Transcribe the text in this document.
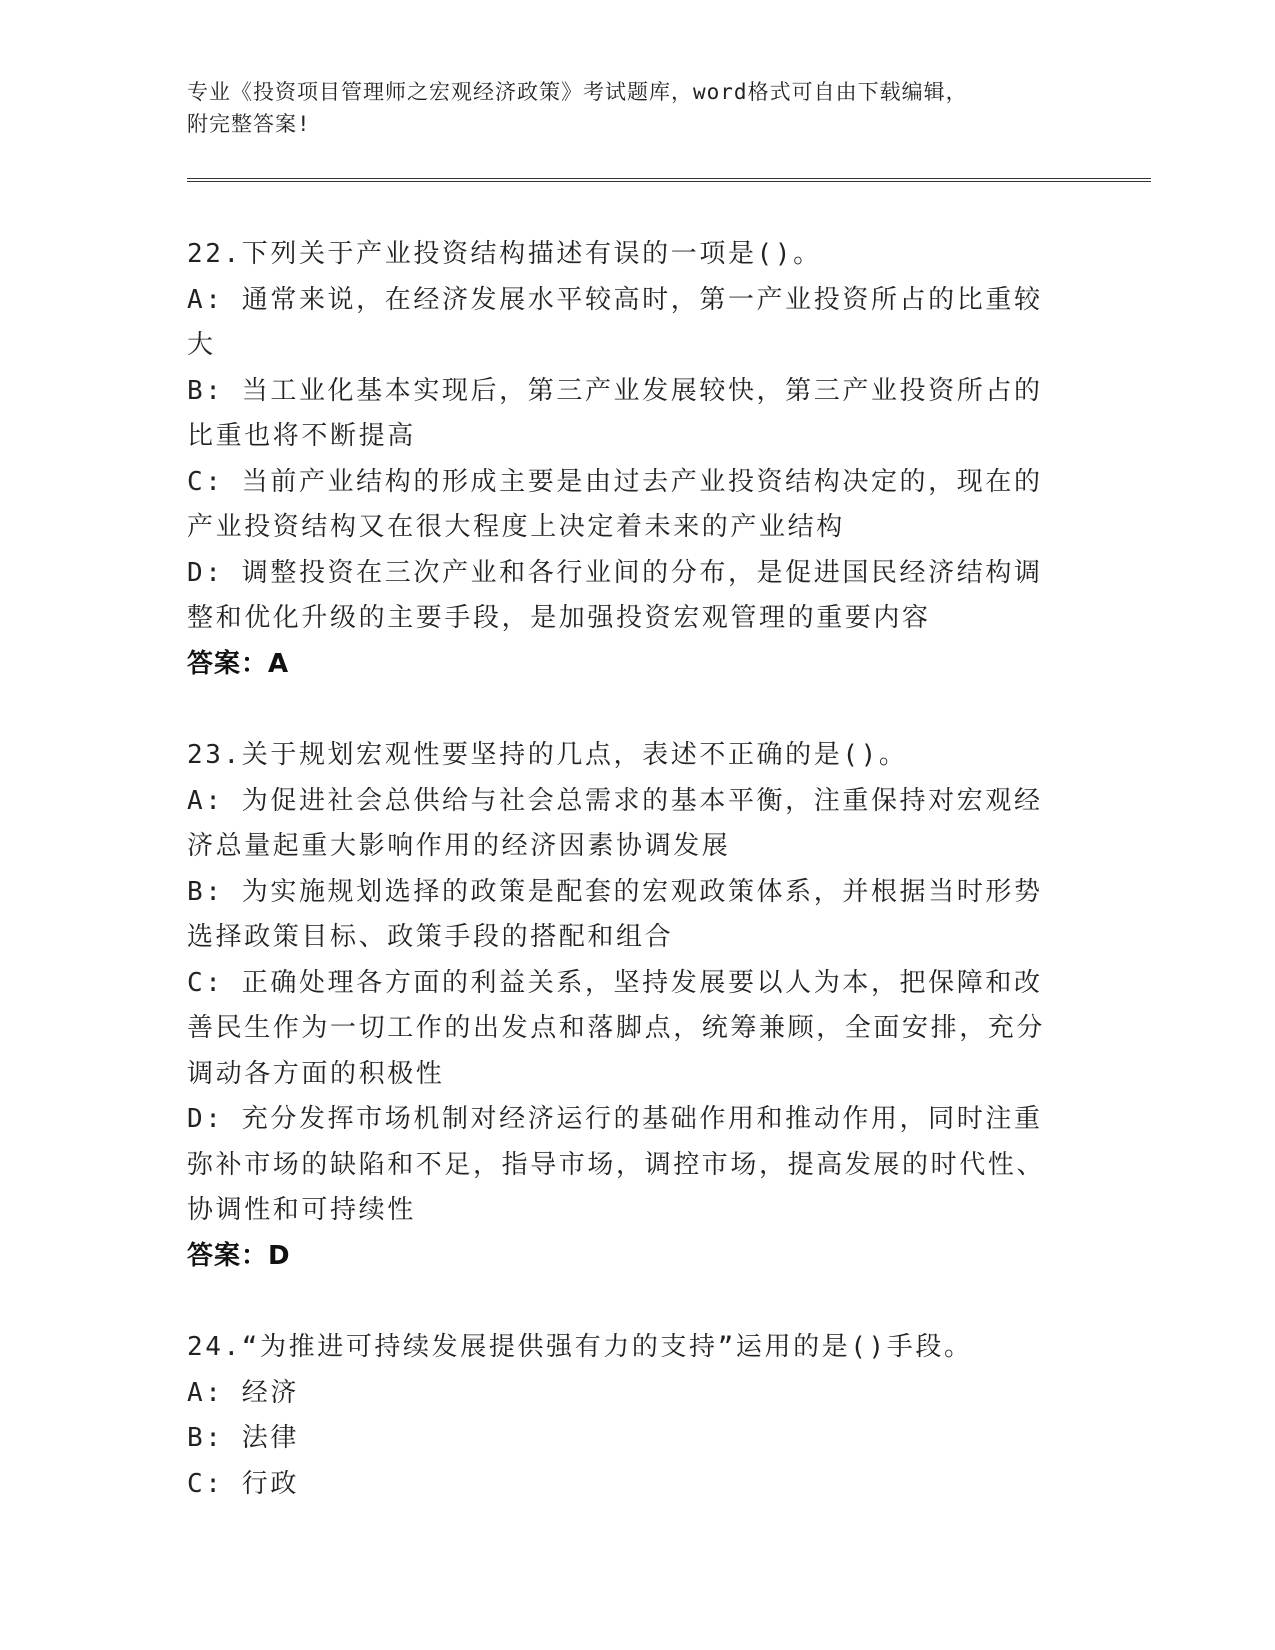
专业《投资项目管理师之宏观经济政策》考试题库，word格式可自由下载编辑，
附完整答案!
22.下列关于产业投资结构描述有误的一项是()。
A: 通常来说，在经济发展水平较高时，第一产业投资所占的比重较大
B: 当工业化基本实现后，第三产业发展较快，第三产业投资所占的比重也将不断提高
C: 当前产业结构的形成主要是由过去产业投资结构决定的，现在的产业投资结构又在很大程度上决定着未来的产业结构
D: 调整投资在三次产业和各行业间的分布，是促进国民经济结构调整和优化升级的主要手段，是加强投资宏观管理的重要内容
答案：A
23.关于规划宏观性要坚持的几点，表述不正确的是()。
A: 为促进社会总供给与社会总需求的基本平衡，注重保持对宏观经济总量起重大影响作用的经济因素协调发展
B: 为实施规划选择的政策是配套的宏观政策体系，并根据当时形势选择政策目标、政策手段的搭配和组合
C: 正确处理各方面的利益关系，坚持发展要以人为本，把保障和改善民生作为一切工作的出发点和落脚点，统筹兼顾，全面安排，充分调动各方面的积极性
D: 充分发挥市场机制对经济运行的基础作用和推动作用，同时注重弥补市场的缺陷和不足，指导市场，调控市场，提高发展的时代性、协调性和可持续性
答案：D
24.“为推进可持续发展提供强有力的支持”运用的是()手段。
A: 经济
B: 法律
C: 行政
